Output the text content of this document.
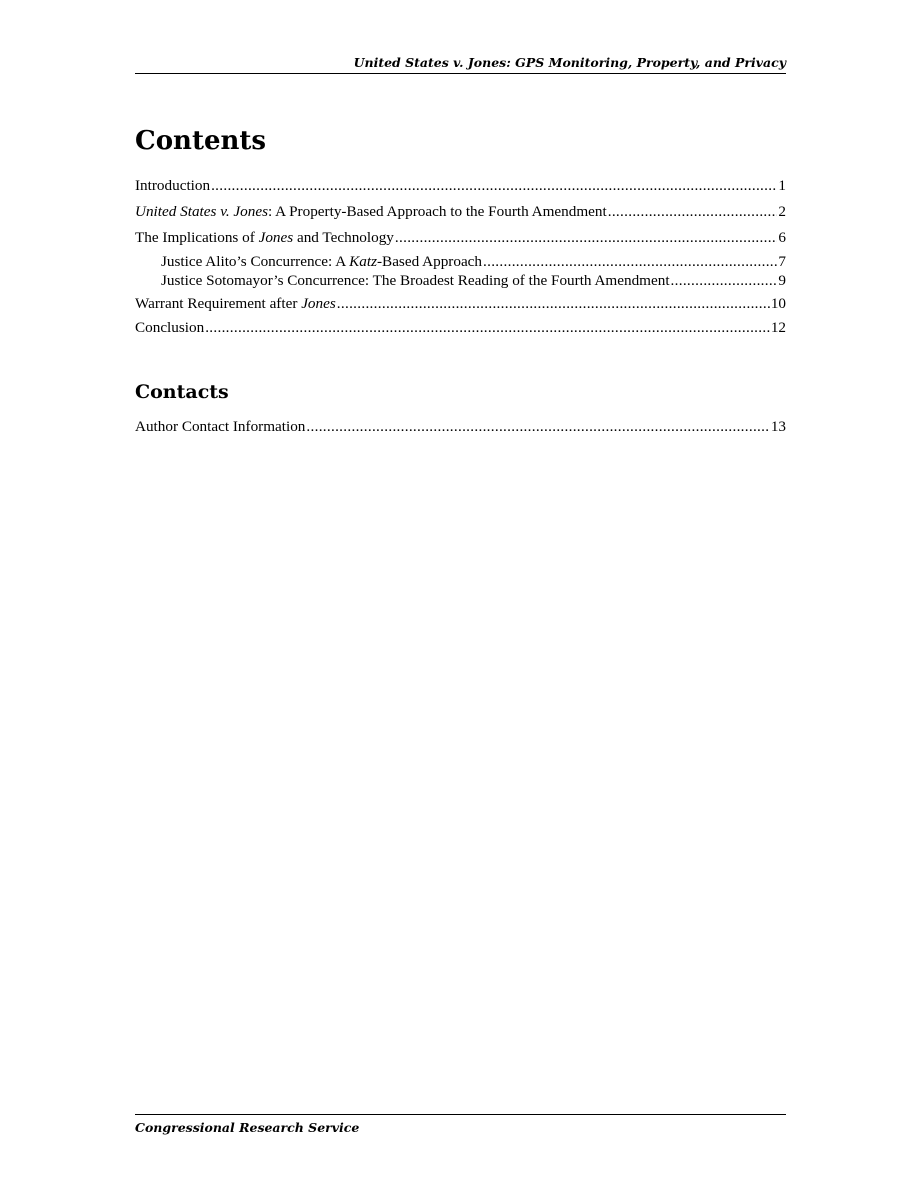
United States v. Jones: GPS Monitoring, Property, and Privacy
Contents
Introduction .....	1
United States v. Jones: A Property-Based Approach to the Fourth Amendment .....	2
The Implications of Jones and Technology .....	6
Justice Alito’s Concurrence: A Katz-Based Approach .....	7
Justice Sotomayor’s Concurrence: The Broadest Reading of the Fourth Amendment .....	9
Warrant Requirement after Jones .....	10
Conclusion .....	12
Contacts
Author Contact Information .....	13
Congressional Research Service
